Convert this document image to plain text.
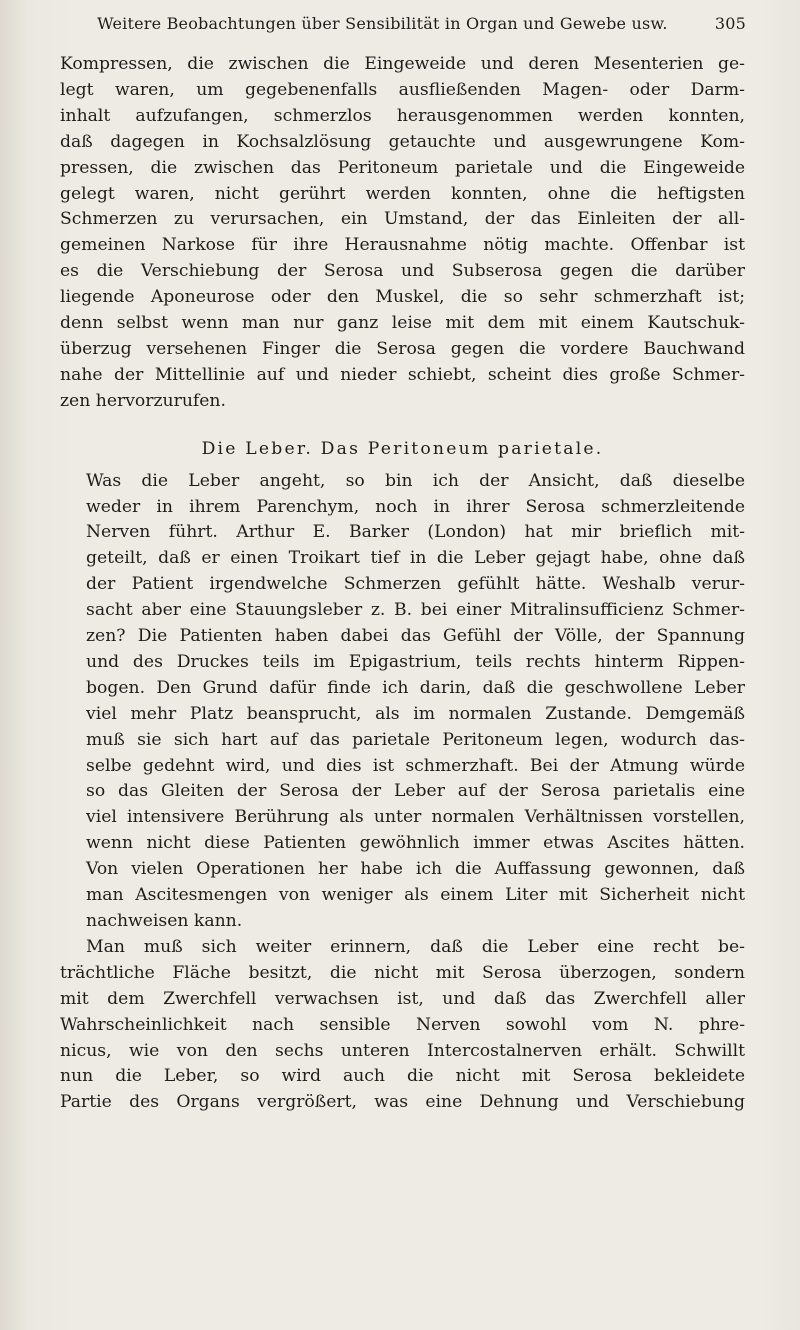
Weitere Beobachtungen über Sensibilität in Organ und Gewebe usw.	305

Kompressen, die zwischen die Eingeweide und deren Mesenterien ge-
legt waren, um gegebenenfalls ausfließenden Magen- oder Darm-
inhalt aufzufangen, schmerzlos herausgenommen werden konnten,
daß dagegen in Kochsalzlösung getauchte und ausgewrungene Kom-
pressen, die zwischen das Peritoneum parietale und die Eingeweide
gelegt waren, nicht gerührt werden konnten, ohne die heftigsten
Schmerzen zu verursachen, ein Umstand, der das Einleiten der all-
gemeinen Narkose für ihre Herausnahme nötig machte. Offenbar ist
es die Verschiebung der Serosa und Subserosa gegen die darüber
liegende Aponeurose oder den Muskel, die so sehr schmerzhaft ist;
denn selbst wenn man nur ganz leise mit dem mit einem Kautschuk-
überzug versehenen Finger die Serosa gegen die vordere Bauchwand
nahe der Mittellinie auf und nieder schiebt, scheint dies große Schmer-
zen hervorzurufen.

Die Leber. Das Peritoneum parietale.

Was die Leber angeht, so bin ich der Ansicht, daß dieselbe
weder in ihrem Parenchym, noch in ihrer Serosa schmerzleitende
Nerven führt. Arthur E. Barker (London) hat mir brieflich mit-
geteilt, daß er einen Troikart tief in die Leber gejagt habe, ohne daß
der Patient irgendwelche Schmerzen gefühlt hätte. Weshalb verur-
sacht aber eine Stauungsleber z. B. bei einer Mitralinsufficienz Schmer-
zen? Die Patienten haben dabei das Gefühl der Völle, der Spannung
und des Druckes teils im Epigastrium, teils rechts hinterm Rippen-
bogen. Den Grund dafür finde ich darin, daß die geschwollene Leber
viel mehr Platz beansprucht, als im normalen Zustande. Demgemäß
muß sie sich hart auf das parietale Peritoneum legen, wodurch das-
selbe gedehnt wird, und dies ist schmerzhaft. Bei der Atmung würde
so das Gleiten der Serosa der Leber auf der Serosa parietalis eine
viel intensivere Berührung als unter normalen Verhältnissen vorstellen,
wenn nicht diese Patienten gewöhnlich immer etwas Ascites hätten.
Von vielen Operationen her habe ich die Auffassung gewonnen, daß
man Ascitesmengen von weniger als einem Liter mit Sicherheit nicht
nachweisen kann.

Man muß sich weiter erinnern, daß die Leber eine recht be-
trächtliche Fläche besitzt, die nicht mit Serosa überzogen, sondern
mit dem Zwerchfell verwachsen ist, und daß das Zwerchfell aller
Wahrscheinlichkeit nach sensible Nerven sowohl vom N. phre-
nicus, wie von den sechs unteren Intercostalnerven erhält. Schwillt
nun die Leber, so wird auch die nicht mit Serosa bekleidete
Partie des Organs vergrößert, was eine Dehnung und Verschiebung
